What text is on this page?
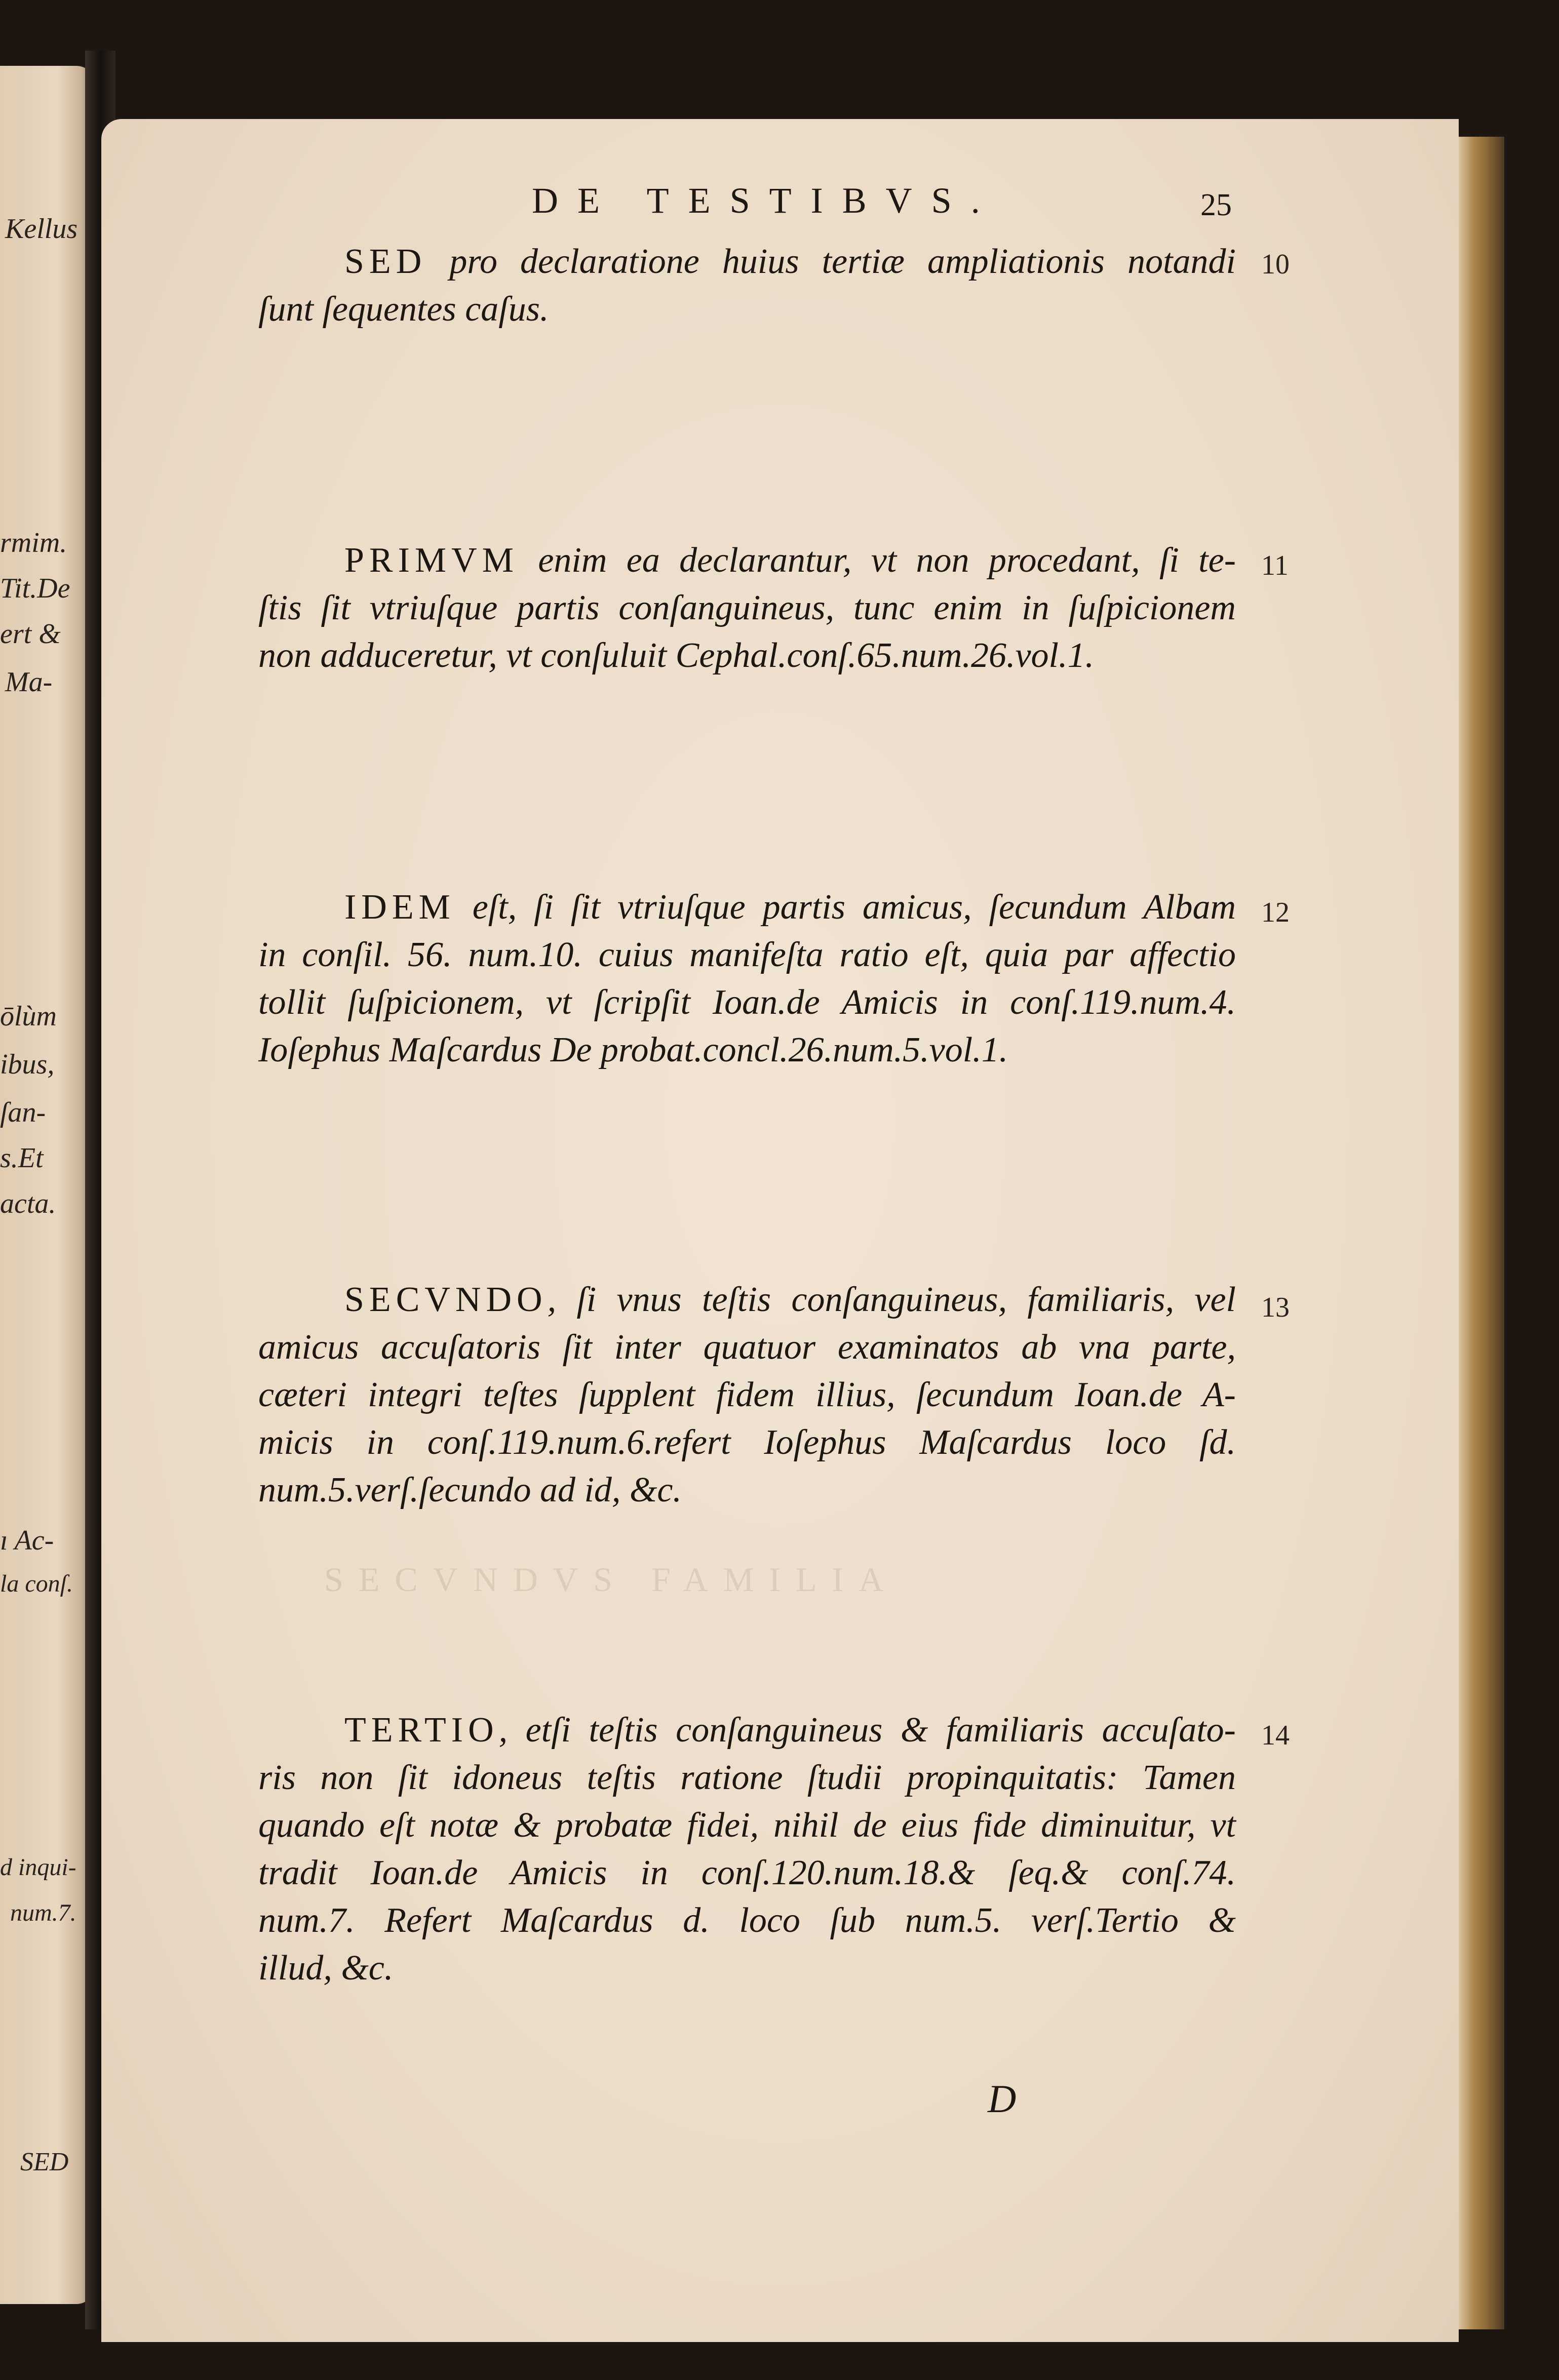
Kellus
rmim.
Tit.De
ert &
Ma-
ōlùm
ibus,
ſan-
s.Et
acta.
ı Ac-
la conſ.
d inqui-
num.7.
SED
DE TESTIBVS.	25
SED pro declaratione huius tertiæ ampliationis notandi
ſunt ſequentes caſus.
10
PRIMVM enim ea declarantur, vt non procedant, ſi te-
ſtis ſit vtriuſque partis conſanguineus, tunc enim in ſuſpicionem
non adduceretur, vt conſuluit Cephal.conſ.65.num.26.vol.1.
11
IDEM eſt, ſi ſit vtriuſque partis amicus, ſecundum Albam
in conſil. 56. num.10. cuius manifeſta ratio eſt, quia par affectio
tollit ſuſpicionem, vt ſcripſit Ioan.de Amicis in conſ.119.num.4.
Ioſephus Maſcardus De probat.concl.26.num.5.vol.1.
12
SECVNDO, ſi vnus teſtis conſanguineus, familiaris, vel
amicus accuſatoris ſit inter quatuor examinatos ab vna parte,
cæteri integri teſtes ſupplent fidem illius, ſecundum Ioan.de A-
micis in conſ.119.num.6.refert Ioſephus Maſcardus loco ſd.
num.5.verſ.ſecundo ad id, &c.
13
SECVNDVS FAMILIA
TERTIO, etſi teſtis conſanguineus & familiaris accuſato-
ris non ſit idoneus teſtis ratione ſtudii propinquitatis: Tamen
quando eſt notæ & probatæ fidei, nihil de eius fide diminuitur, vt
tradit Ioan.de Amicis in conſ.120.num.18.& ſeq.& conſ.74.
num.7. Refert Maſcardus d. loco ſub num.5. verſ.Tertio &
illud, &c.
14
D
